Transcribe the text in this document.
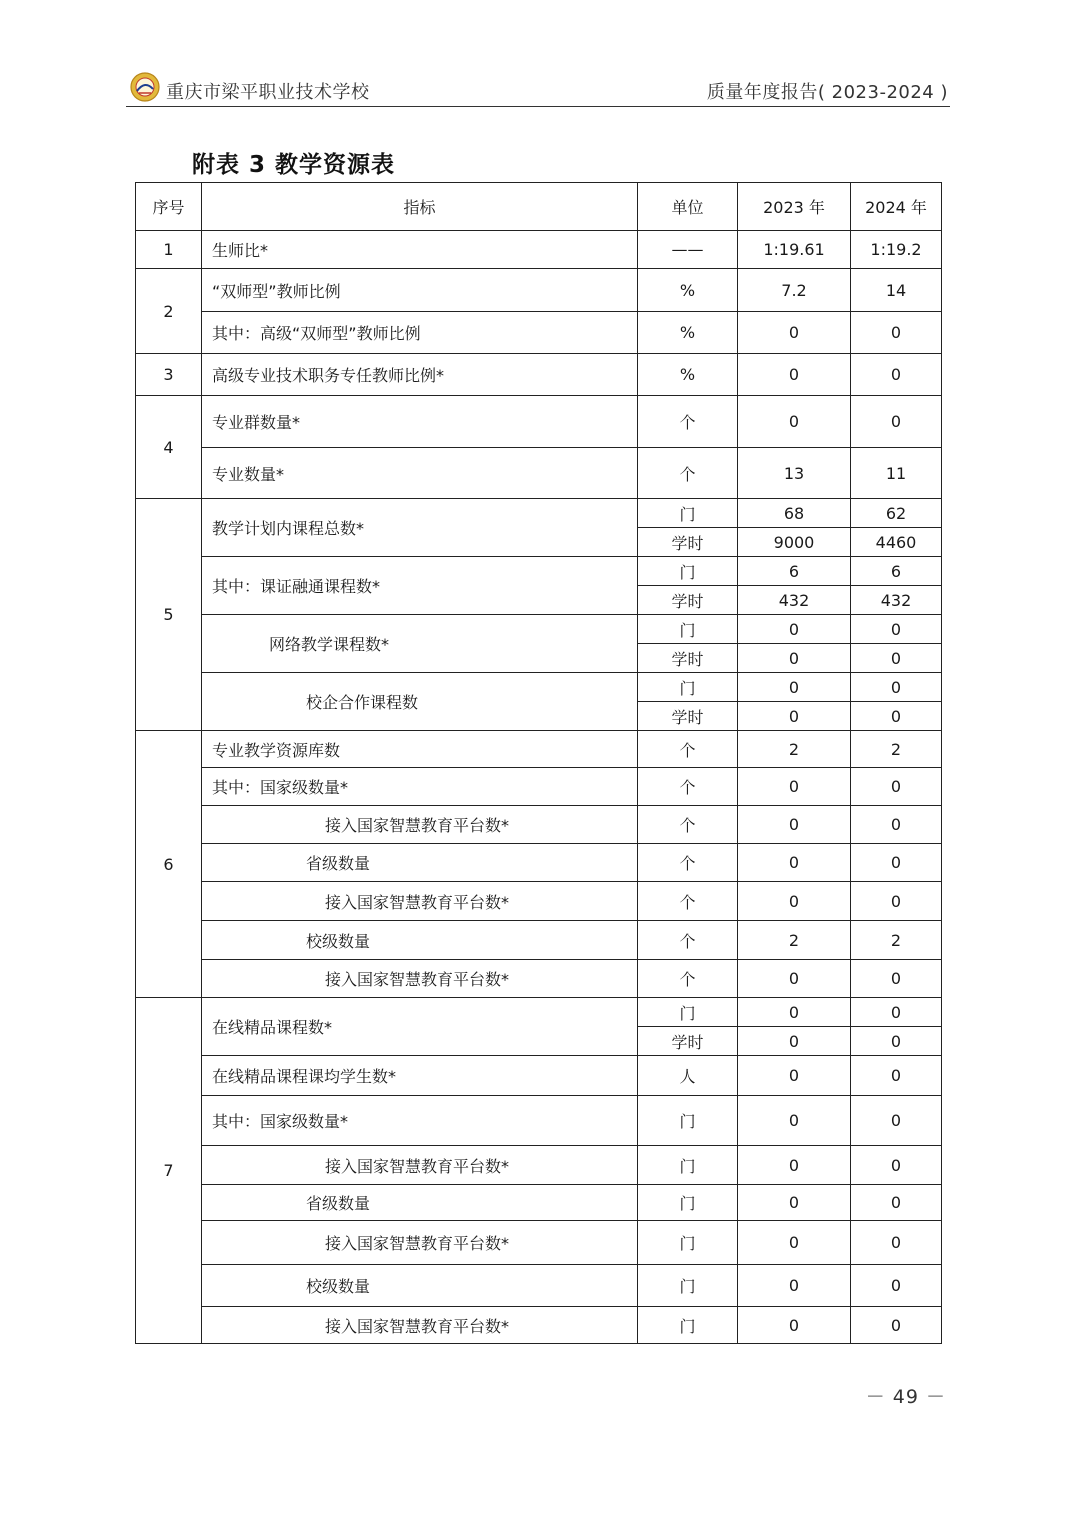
重庆市梁平职业技术学校	质量年度报告( 2023-2024 )
附表 3 教学资源表
序号	指标	单位	2023 年	2024 年
1	生师比*	——	1:19.61	1:19.2
2	“双师型”教师比例	%	7.2	14
	其中：高级“双师型”教师比例	%	0	0
3	高级专业技术职务专任教师比例*	%	0	0
4	专业群数量*	个	0	0
	专业数量*	个	13	11
5	教学计划内课程总数*	门	68	62
		学时	9000	4460
	其中：课证融通课程数*	门	6	6
		学时	432	432
	网络教学课程数*	门	0	0
		学时	0	0
	校企合作课程数	门	0	0
		学时	0	0
6	专业教学资源库数	个	2	2
	其中：国家级数量*	个	0	0
	接入国家智慧教育平台数*	个	0	0
	省级数量	个	0	0
	接入国家智慧教育平台数*	个	0	0
	校级数量	个	2	2
	接入国家智慧教育平台数*	个	0	0
7	在线精品课程数*	门	0	0
		学时	0	0
	在线精品课程课均学生数*	人	0	0
	其中：国家级数量*	门	0	0
	接入国家智慧教育平台数*	门	0	0
	省级数量	门	0	0
	接入国家智慧教育平台数*	门	0	0
	校级数量	门	0	0
	接入国家智慧教育平台数*	门	0	0
－ 49 －
